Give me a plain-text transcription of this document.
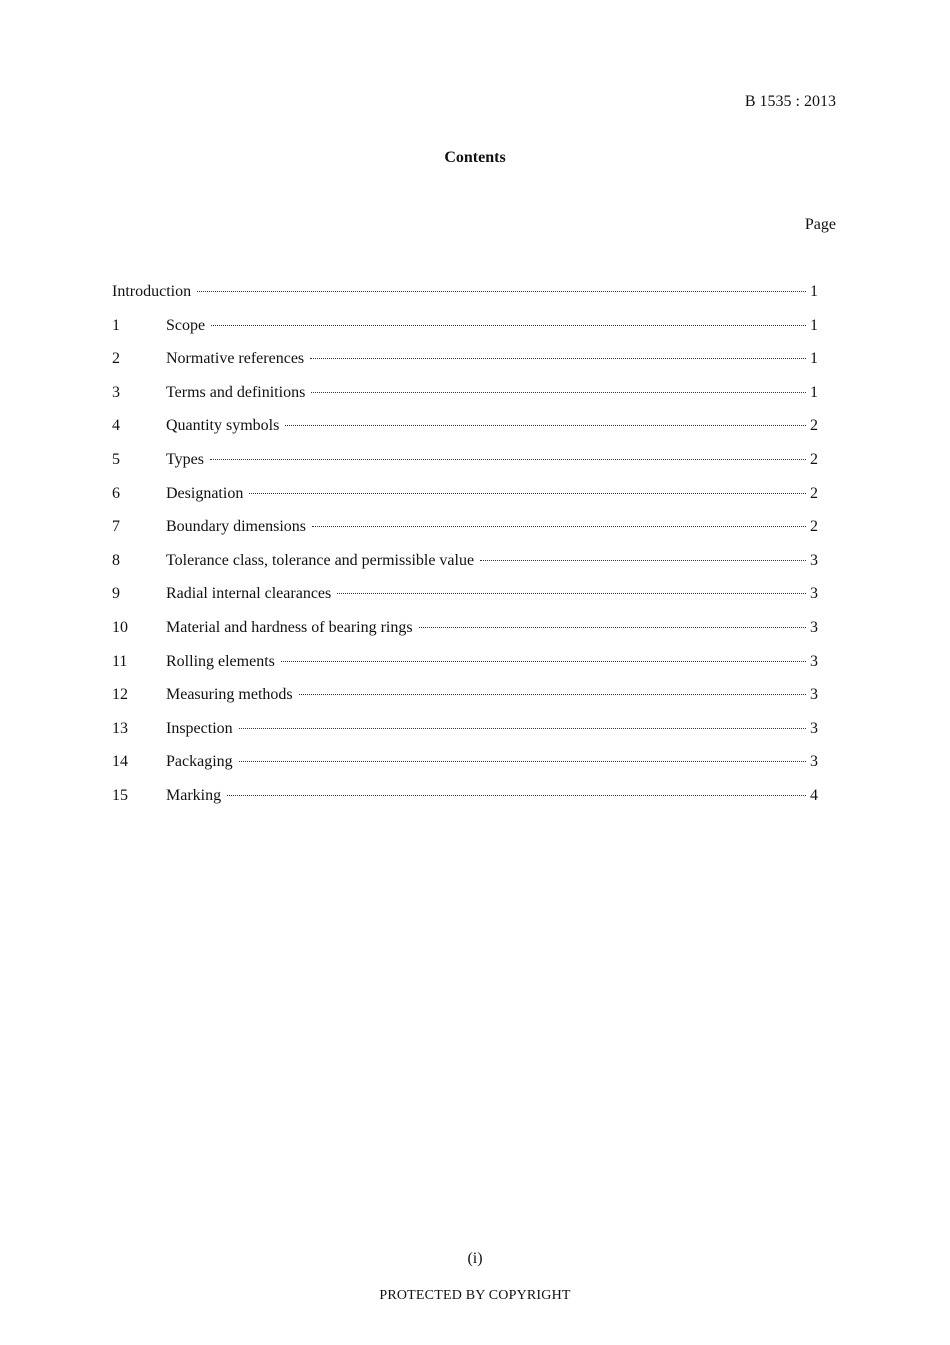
B 1535 : 2013
Contents
Page
Introduction	1
1	Scope	1
2	Normative references	1
3	Terms and definitions	1
4	Quantity symbols	2
5	Types	2
6	Designation	2
7	Boundary dimensions	2
8	Tolerance class, tolerance and permissible value	3
9	Radial internal clearances	3
10	Material and hardness of bearing rings	3
11	Rolling elements	3
12	Measuring methods	3
13	Inspection	3
14	Packaging	3
15	Marking	4
(i)
PROTECTED BY COPYRIGHT
